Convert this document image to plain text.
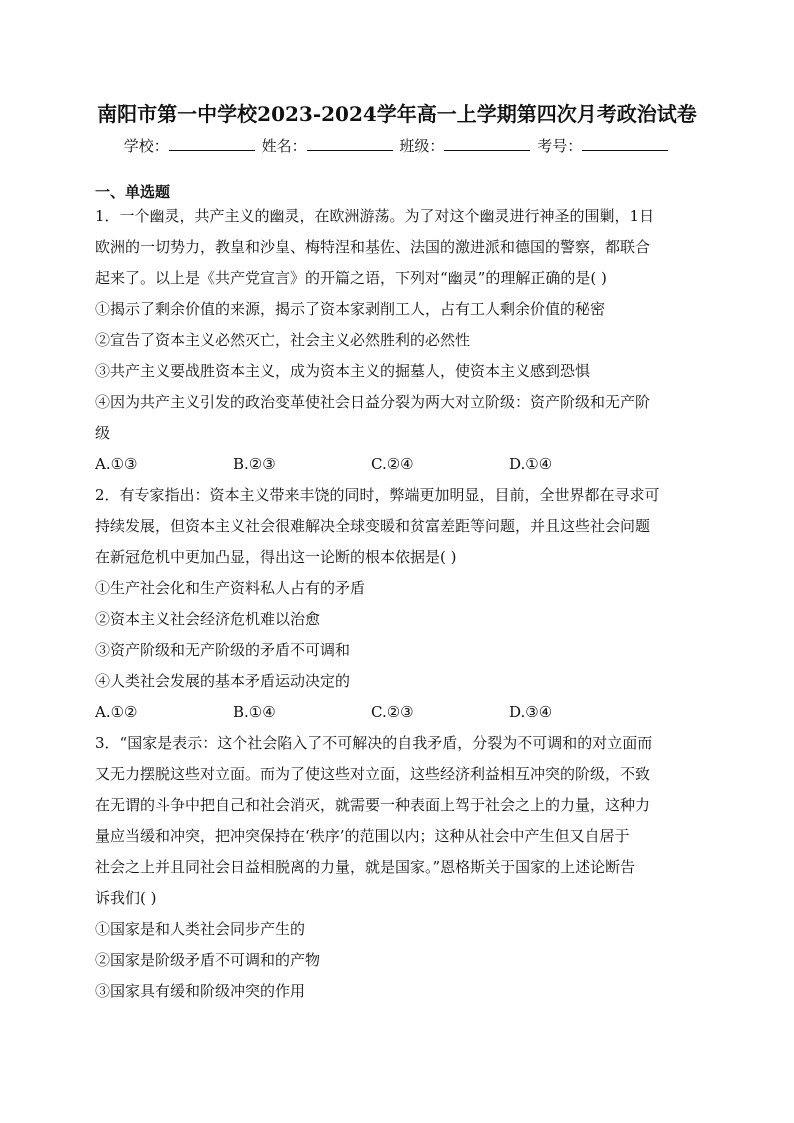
南阳市第一中学校2023-2024学年高一上学期第四次月考政治试卷
学校：	姓名：	班级：	考号：
一、单选题

1．一个幽灵，共产主义的幽灵，在欧洲游荡。为了对这个幽灵进行神圣的围剿，1日

欧洲的一切势力，教皇和沙皇、梅特涅和基佐、法国的激进派和德国的警察，都联合

起来了。以上是《共产党宣言》的开篇之语，下列对“幽灵”的理解正确的是( )

①揭示了剩余价值的来源，揭示了资本家剥削工人，占有工人剩余价值的秘密

②宣告了资本主义必然灭亡，社会主义必然胜利的必然性

③共产主义要战胜资本主义，成为资本主义的掘墓人，使资本主义感到恐惧

④因为共产主义引发的政治变革使社会日益分裂为两大对立阶级：资产阶级和无产阶

级

A.①③	B.②③	C.②④	D.①④

2．有专家指出：资本主义带来丰饶的同时，弊端更加明显，目前，全世界都在寻求可

持续发展，但资本主义社会很难解决全球变暖和贫富差距等问题，并且这些社会问题

在新冠危机中更加凸显，得出这一论断的根本依据是( )

①生产社会化和生产资料私人占有的矛盾

②资本主义社会经济危机难以治愈

③资产阶级和无产阶级的矛盾不可调和

④人类社会发展的基本矛盾运动决定的

A.①②	B.①④	C.②③	D.③④

3．“国家是表示：这个社会陷入了不可解决的自我矛盾，分裂为不可调和的对立面而

又无力摆脱这些对立面。而为了使这些对立面，这些经济利益相互冲突的阶级，不致

在无谓的斗争中把自己和社会消灭，就需要一种表面上驾于社会之上的力量，这种力

量应当缓和冲突，把冲突保持在‘秩序’的范围以内；这种从社会中产生但又自居于

社会之上并且同社会日益相脱离的力量，就是国家。”恩格斯关于国家的上述论断告

诉我们( )

①国家是和人类社会同步产生的

②国家是阶级矛盾不可调和的产物

③国家具有缓和阶级冲突的作用
